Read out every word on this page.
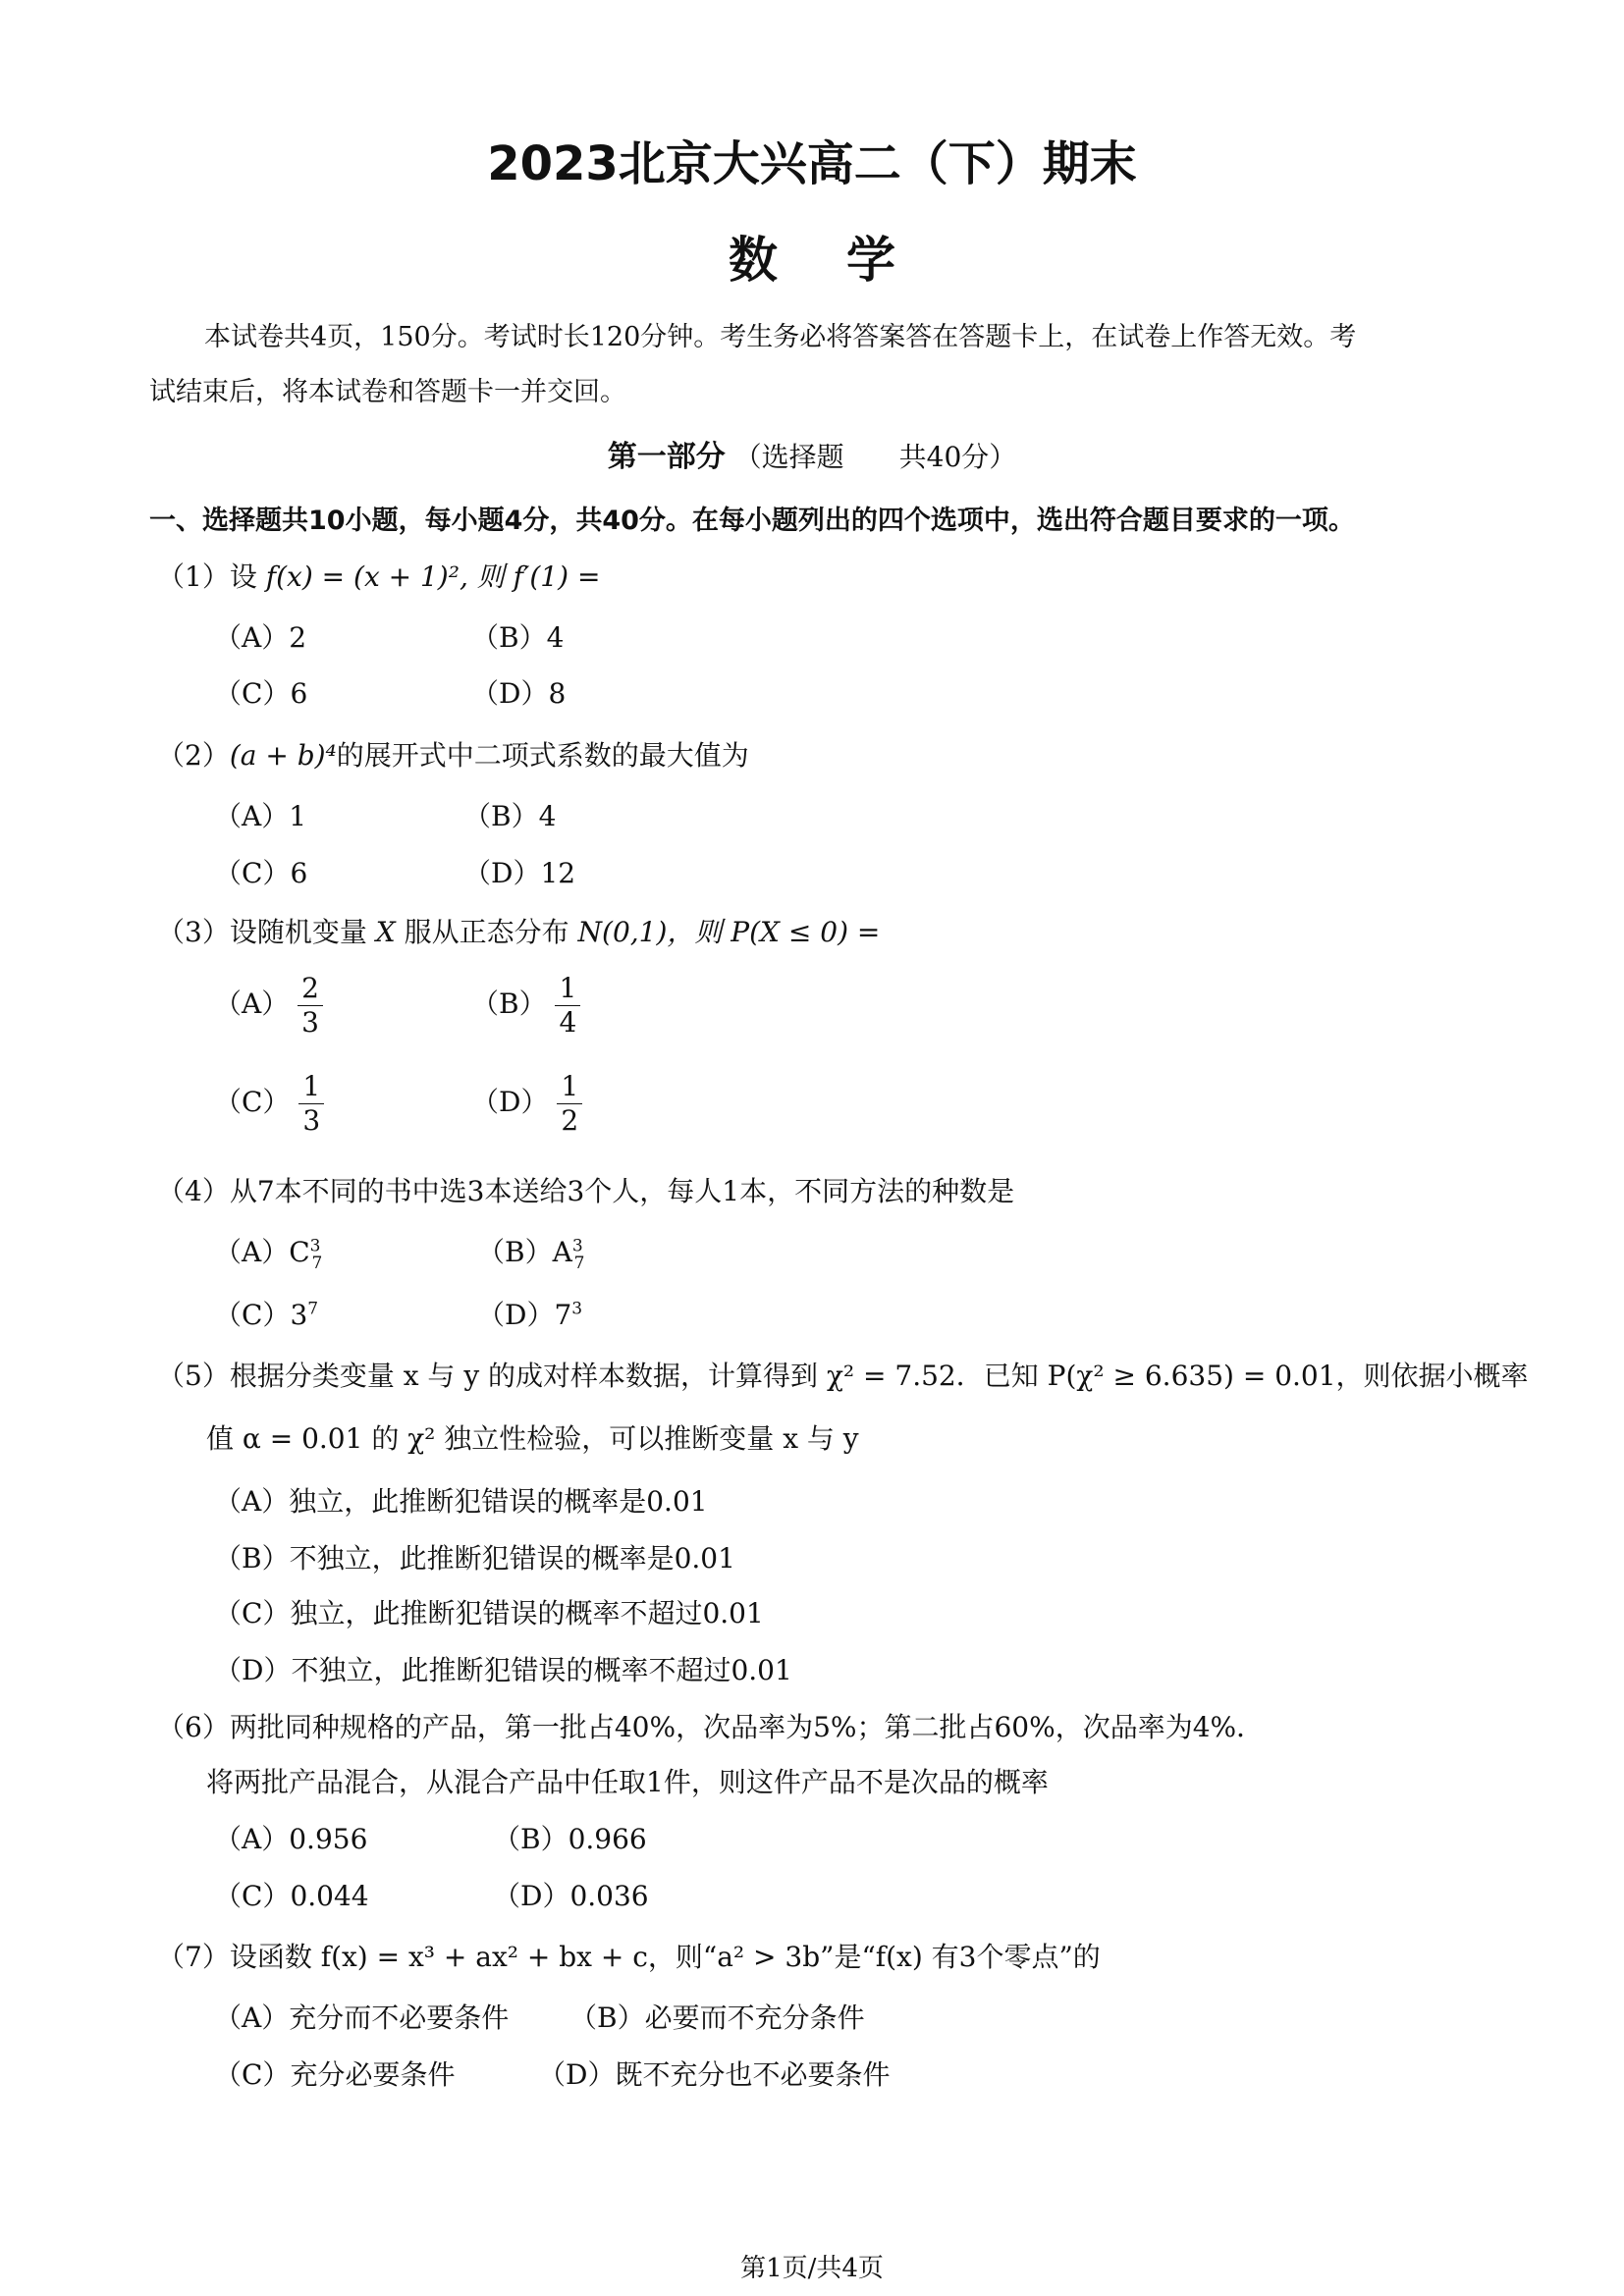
2023北京大兴高二（下）期末
数学
本试卷共4页，150分。考试时长120分钟。考生务必将答案答在答题卡上，在试卷上作答无效。考
试结束后，将本试卷和答题卡一并交回。
第一部分 （选择题　　共40分）
一、选择题共10小题，每小题4分，共40分。在每小题列出的四个选项中，选出符合题目要求的一项。
（1）设 f(x) = (x + 1)², 则 f′(1) =
（A）2	（B）4
（C）6	（D）8
（2）(a + b)⁴的展开式中二项式系数的最大值为
（A）1	（B）4
（C）6	（D）12
（3）设随机变量 X 服从正态分布 N(0,1)，则 P(X ≤ 0) =
$(A) \frac{2}{3}$	$(B) \frac{1}{4}$
$(C) \frac{1}{3}$	$(D) \frac{1}{2}$
（4）从7本不同的书中选3本送给3个人，每人1本，不同方法的种数是
$(A)C^3_7$	$(B)A^3_7$
$(C)3^7$	$(D)7^3$
（5）根据分类变量 x 与 y 的成对样本数据，计算得到 χ² = 7.52．已知 P(χ² ≥ 6.635) = 0.01，则依据小概率
值 α = 0.01 的 χ² 独立性检验，可以推断变量 x 与 y
（A）独立，此推断犯错误的概率是0.01
（B）不独立，此推断犯错误的概率是0.01
（C）独立，此推断犯错误的概率不超过0.01
（D）不独立，此推断犯错误的概率不超过0.01
（6）两批同种规格的产品，第一批占40%，次品率为5%；第二批占60%，次品率为4%．
将两批产品混合，从混合产品中任取1件，则这件产品不是次品的概率
（A）0.956	（B）0.966
（C）0.044	（D）0.036
（7）设函数 f(x) = x³ + ax² + bx + c，则“a² > 3b”是“f(x) 有3个零点”的
（A）充分而不必要条件 （B）必要而不充分条件
（C）充分必要条件	（D）既不充分也不必要条件
第1页/共4页
